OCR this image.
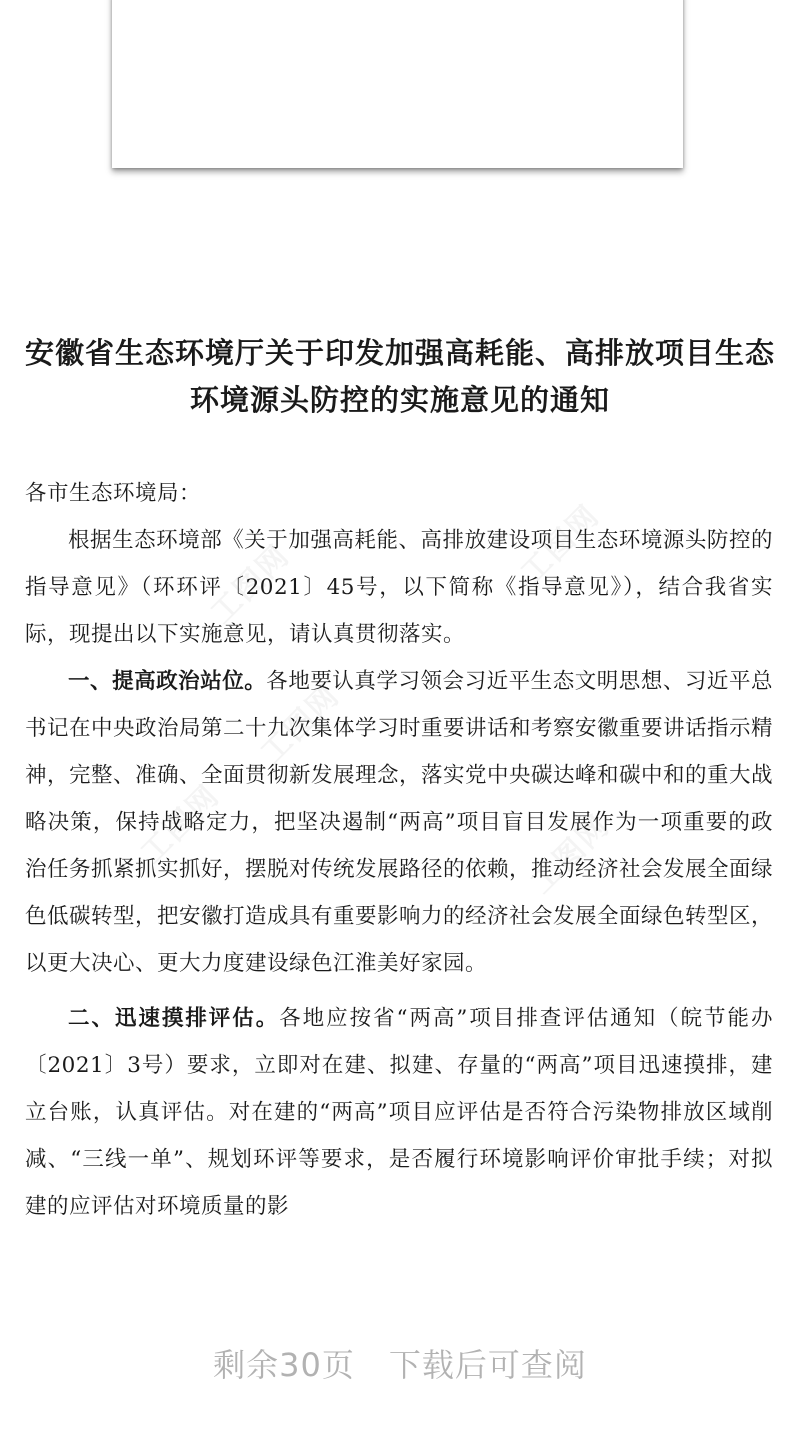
工图网	工图网
工图网
工图网	工图网
安徽省生态环境厅关于印发加强高耗能、高排放项目生态环境源头防控的实施意见的通知

各市生态环境局：

根据生态环境部《关于加强高耗能、高排放建设项目生态环境源头防控的指导意见》（环环评〔2021〕45号，以下简称《指导意见》），结合我省实际，现提出以下实施意见，请认真贯彻落实。

一、提高政治站位。各地要认真学习领会习近平生态文明思想、习近平总书记在中央政治局第二十九次集体学习时重要讲话和考察安徽重要讲话指示精神，完整、准确、全面贯彻新发展理念，落实党中央碳达峰和碳中和的重大战略决策，保持战略定力，把坚决遏制“两高”项目盲目发展作为一项重要的政治任务抓紧抓实抓好，摆脱对传统发展路径的依赖，推动经济社会发展全面绿色低碳转型，把安徽打造成具有重要影响力的经济社会发展全面绿色转型区，以更大决心、更大力度建设绿色江淮美好家园。

二、迅速摸排评估。各地应按省“两高”项目排查评估通知（皖节能办〔2021〕3号）要求，立即对在建、拟建、存量的“两高”项目迅速摸排，建立台账，认真评估。对在建的“两高”项目应评估是否符合污染物排放区域削减、“三线一单”、规划环评等要求，是否履行环境影响评价审批手续；对拟建的应评估对环境质量的影

剩余30页 下载后可查阅
